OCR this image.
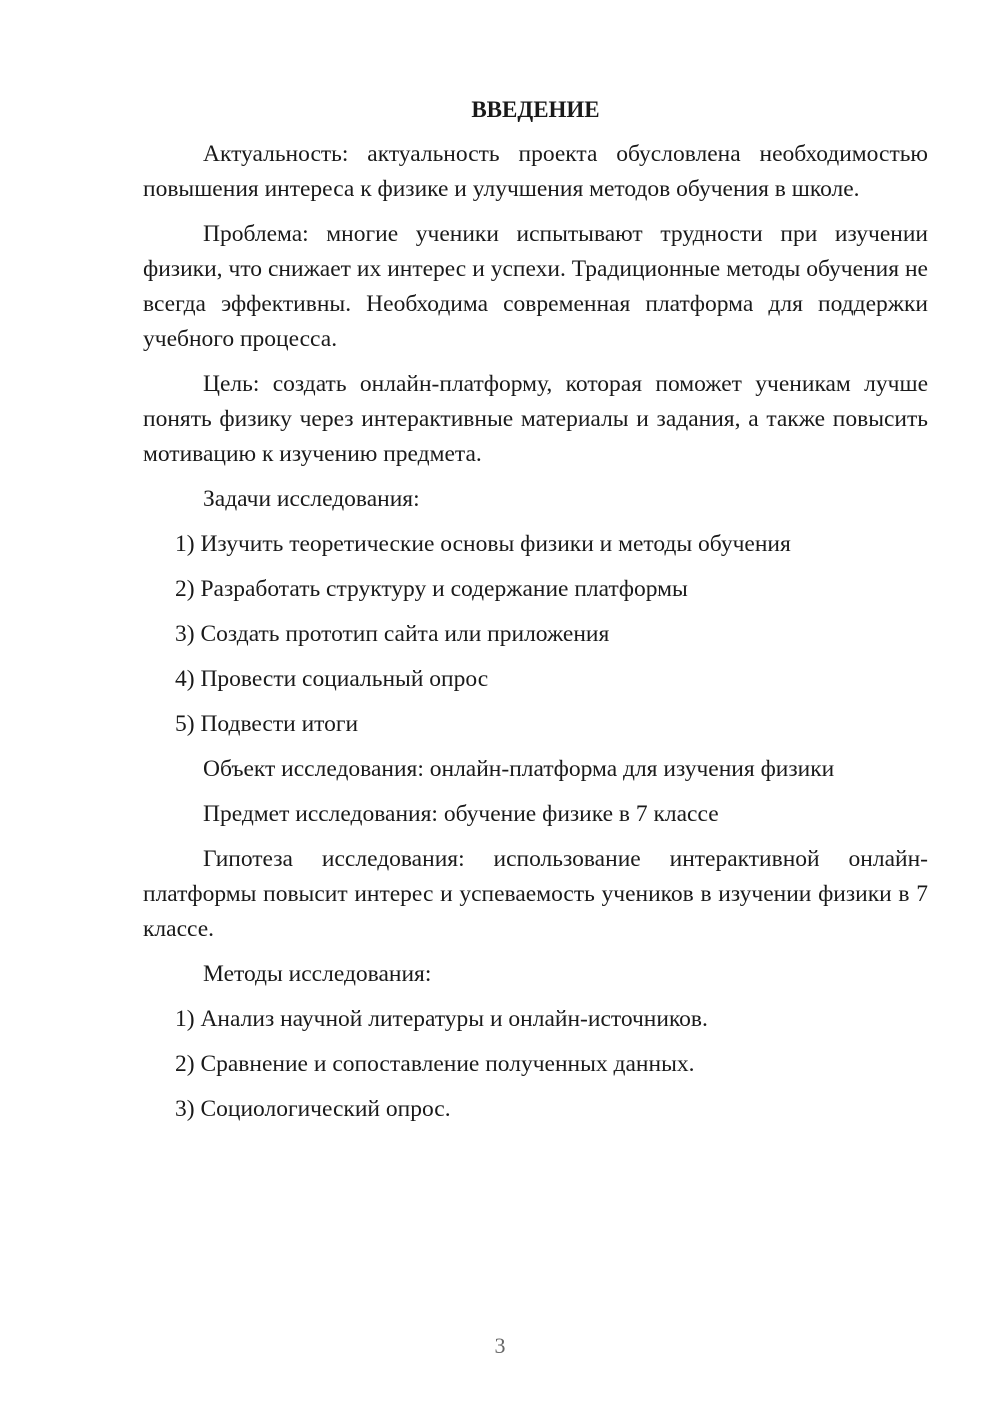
ВВЕДЕНИЕ
Актуальность: актуальность проекта обусловлена необходимостью повышения интереса к физике и улучшения методов обучения в школе.
Проблема: многие ученики испытывают трудности при изучении физики, что снижает их интерес и успехи. Традиционные методы обучения не всегда эффективны. Необходима современная платформа для поддержки учебного процесса.
Цель: создать онлайн-платформу, которая поможет ученикам лучше понять физику через интерактивные материалы и задания, а также повысить мотивацию к изучению предмета.
Задачи исследования:
1) Изучить теоретические основы физики и методы обучения
2) Разработать структуру и содержание платформы
3) Создать прототип сайта или приложения
4) Провести социальный опрос
5) Подвести итоги
Объект исследования: онлайн-платформа для изучения физики
Предмет исследования: обучение физике в 7 классе
Гипотеза исследования: использование интерактивной онлайн-платформы повысит интерес и успеваемость учеников в изучении физики в 7 классе.
Методы исследования:
1) Анализ научной литературы и онлайн-источников.
2) Сравнение и сопоставление полученных данных.
3) Социологический опрос.
3
